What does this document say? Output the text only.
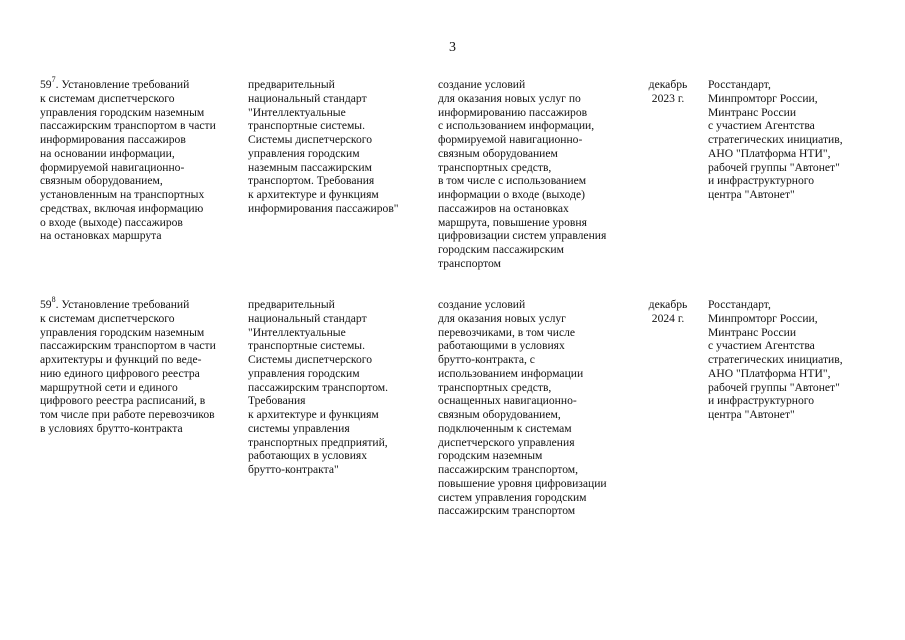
3
$59^7$. Установление требований
к системам диспетчерского
управления городским наземным
пассажирским транспортом в части
информирования пассажиров
на основании информации,
формируемой навигационно-
связным оборудованием,
установленным на транспортных
средствах, включая информацию
о входе (выходе) пассажиров
на остановках маршрута
предварительный
национальный стандарт
"Интеллектуальные
транспортные системы.
Системы диспетчерского
управления городским
наземным пассажирским
транспортом. Требования
к архитектуре и функциям
информирования пассажиров"
создание условий
для оказания новых услуг по
информированию пассажиров
с использованием информации,
формируемой навигационно-
связным оборудованием
транспортных средств,
в том числе с использованием
информации о входе (выходе)
пассажиров на остановках
маршрута, повышение уровня
цифровизации систем управления
городским пассажирским
транспортом
декабрь
2023 г.
Росстандарт,
Минпромторг России,
Минтранс России
с участием Агентства
стратегических инициатив,
АНО "Платформа НТИ",
рабочей группы "Автонет"
и инфраструктурного
центра "Автонет"
$59^8$. Установление требований
к системам диспетчерского
управления городским наземным
пассажирским транспортом в части
архитектуры и функций по веде-
нию единого цифрового реестра
маршрутной сети и единого
цифрового реестра расписаний, в
том числе при работе перевозчиков
в условиях брутто-контракта
предварительный
национальный стандарт
"Интеллектуальные
транспортные системы.
Системы диспетчерского
управления городским
пассажирским транспортом.
Требования
к архитектуре и функциям
системы управления
транспортных предприятий,
работающих в условиях
брутто-контракта"
создание условий
для оказания новых услуг
перевозчиками, в том числе
работающими в условиях
брутто-контракта, с
использованием информации
транспортных средств,
оснащенных навигационно-
связным оборудованием,
подключенным к системам
диспетчерского управления
городским наземным
пассажирским транспортом,
повышение уровня цифровизации
систем управления городским
пассажирским транспортом
декабрь
2024 г.
Росстандарт,
Минпромторг России,
Минтранс России
с участием Агентства
стратегических инициатив,
АНО "Платформа НТИ",
рабочей группы "Автонет"
и инфраструктурного
центра "Автонет"
